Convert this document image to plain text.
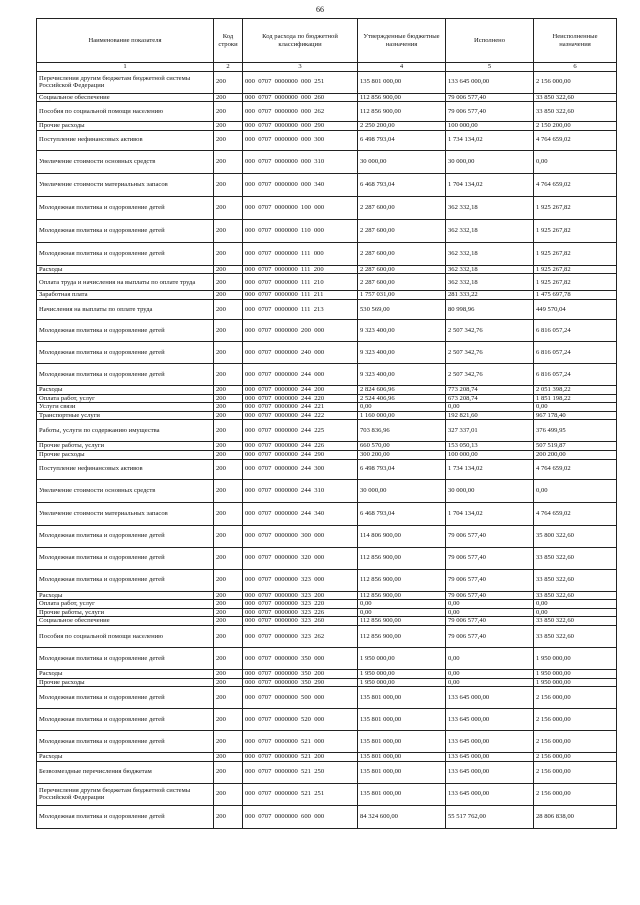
66
Наименование показателя	Код строки	Код расхода по бюджетной классификации	Утвержденные бюджетные назначения	Исполнено	Неисполненные назначения
1	2	3	4	5	6
Перечисления другим бюджетам бюджетной системы Российской Федерации	200	000  0707  0000000  000  251	135 801 000,00	133 645 000,00	2 156 000,00
Социальное обеспечение	200	000  0707  0000000  000  260	112 856 900,00	79 006 577,40	33 850 322,60
Пособия по социальной помощи населению	200	000  0707  0000000  000  262	112 856 900,00	79 006 577,40	33 850 322,60
Прочие расходы	200	000  0707  0000000  000  290	2 250 200,00	100 000,00	2 150 200,00
Поступление нефинансовых активов	200	000  0707  0000000  000  300	6 498 793,04	1 734 134,02	4 764 659,02
Увеличение стоимости основных средств	200	000  0707  0000000  000  310	30 000,00	30 000,00	0,00
Увеличение стоимости материальных запасов	200	000  0707  0000000  000  340	6 468 793,04	1 704 134,02	4 764 659,02
Молодежная политика и оздоровление детей	200	000  0707  0000000  100  000	2 287 600,00	362 332,18	1 925 267,82
Молодежная политика и оздоровление детей	200	000  0707  0000000  110  000	2 287 600,00	362 332,18	1 925 267,82
Молодежная политика и оздоровление детей	200	000  0707  0000000  111  000	2 287 600,00	362 332,18	1 925 267,82
Расходы	200	000  0707  0000000  111  200	2 287 600,00	362 332,18	1 925 267,82
Оплата труда и начисления на выплаты по оплате труда	200	000  0707  0000000  111  210	2 287 600,00	362 332,18	1 925 267,82
Заработная плата	200	000  0707  0000000  111  211	1 757 031,00	281 333,22	1 475 697,78
Начисления на выплаты по оплате труда	200	000  0707  0000000  111  213	530 569,00	80 998,96	449 570,04
Молодежная политика и оздоровление детей	200	000  0707  0000000  200  000	9 323 400,00	2 507 342,76	6 816 057,24
Молодежная политика и оздоровление детей	200	000  0707  0000000  240  000	9 323 400,00	2 507 342,76	6 816 057,24
Молодежная политика и оздоровление детей	200	000  0707  0000000  244  000	9 323 400,00	2 507 342,76	6 816 057,24
Расходы	200	000  0707  0000000  244  200	2 824 606,96	773 208,74	2 051 398,22
Оплата работ, услуг	200	000  0707  0000000  244  220	2 524 406,96	673 208,74	1 851 198,22
Услуги связи	200	000  0707  0000000  244  221	0,00	0,00	0,00
Транспортные услуги	200	000  0707  0000000  244  222	1 160 000,00	192 821,60	967 178,40
Работы, услуги по содержанию имущества	200	000  0707  0000000  244  225	703 836,96	327 337,01	376 499,95
Прочие работы, услуги	200	000  0707  0000000  244  226	660 570,00	153 050,13	507 519,87
Прочие расходы	200	000  0707  0000000  244  290	300 200,00	100 000,00	200 200,00
Поступление нефинансовых активов	200	000  0707  0000000  244  300	6 498 793,04	1 734 134,02	4 764 659,02
Увеличение стоимости основных средств	200	000  0707  0000000  244  310	30 000,00	30 000,00	0,00
Увеличение стоимости материальных запасов	200	000  0707  0000000  244  340	6 468 793,04	1 704 134,02	4 764 659,02
Молодежная политика и оздоровление детей	200	000  0707  0000000  300  000	114 806 900,00	79 006 577,40	35 800 322,60
Молодежная политика и оздоровление детей	200	000  0707  0000000  320  000	112 856 900,00	79 006 577,40	33 850 322,60
Молодежная политика и оздоровление детей	200	000  0707  0000000  323  000	112 856 900,00	79 006 577,40	33 850 322,60
Расходы	200	000  0707  0000000  323  200	112 856 900,00	79 006 577,40	33 850 322,60
Оплата работ, услуг	200	000  0707  0000000  323  220	0,00	0,00	0,00
Прочие работы, услуги	200	000  0707  0000000  323  226	0,00	0,00	0,00
Социальное обеспечение	200	000  0707  0000000  323  260	112 856 900,00	79 006 577,40	33 850 322,60
Пособия по социальной помощи населению	200	000  0707  0000000  323  262	112 856 900,00	79 006 577,40	33 850 322,60
Молодежная политика и оздоровление детей	200	000  0707  0000000  350  000	1 950 000,00	0,00	1 950 000,00
Расходы	200	000  0707  0000000  350  200	1 950 000,00	0,00	1 950 000,00
Прочие расходы	200	000  0707  0000000  350  290	1 950 000,00	0,00	1 950 000,00
Молодежная политика и оздоровление детей	200	000  0707  0000000  500  000	135 801 000,00	133 645 000,00	2 156 000,00
Молодежная политика и оздоровление детей	200	000  0707  0000000  520  000	135 801 000,00	133 645 000,00	2 156 000,00
Молодежная политика и оздоровление детей	200	000  0707  0000000  521  000	135 801 000,00	133 645 000,00	2 156 000,00
Расходы	200	000  0707  0000000  521  200	135 801 000,00	133 645 000,00	2 156 000,00
Безвозмездные перечисления бюджетам	200	000  0707  0000000  521  250	135 801 000,00	133 645 000,00	2 156 000,00
Перечисления другим бюджетам бюджетной системы Российской Федерации	200	000  0707  0000000  521  251	135 801 000,00	133 645 000,00	2 156 000,00
Молодежная политика и оздоровление детей	200	000  0707  0000000  600  000	84 324 600,00	55 517 762,00	28 806 838,00
